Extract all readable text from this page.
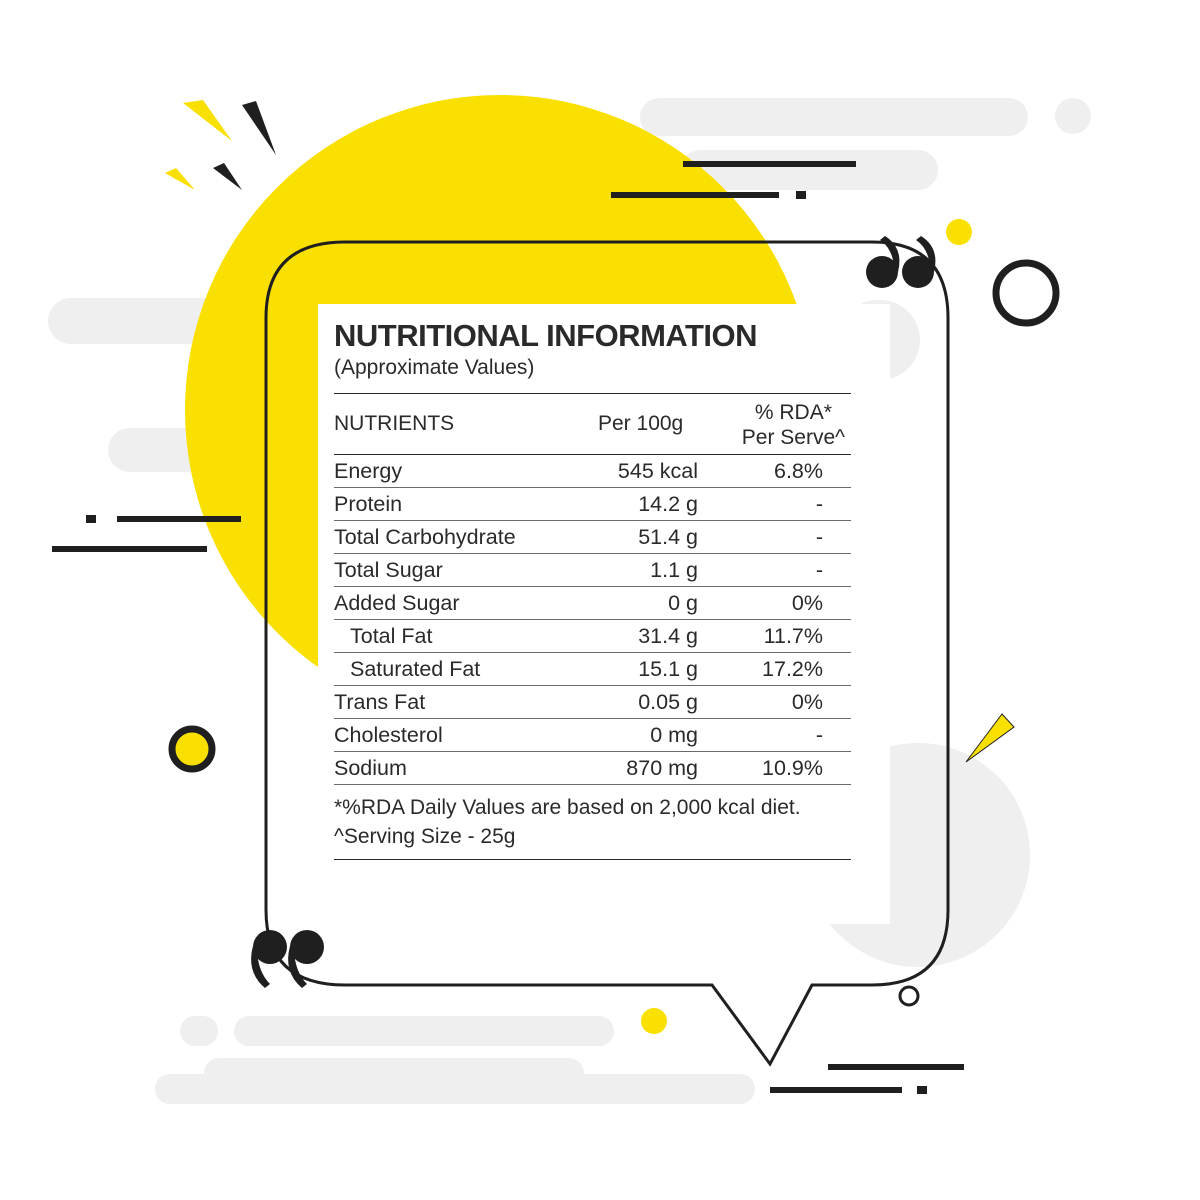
NUTRITIONAL INFORMATION
(Approximate Values)
NUTRIENTS	Per 100g	% RDA*
Per Serve^
Energy	545 kcal	6.8%
Protein	14.2 g	-
Total Carbohydrate	51.4 g	-
Total Sugar	1.1 g	-
Added Sugar	0 g	0%
Total Fat	31.4 g	11.7%
Saturated Fat	15.1 g	17.2%
Trans Fat	0.05 g	0%
Cholesterol	0 mg	-
Sodium	870 mg	10.9%
*%RDA Daily Values are based on 2,000 kcal diet.
^Serving Size - 25g
